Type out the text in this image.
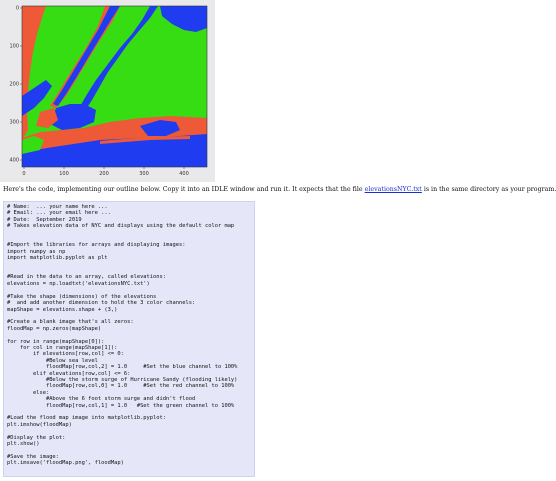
0
100
200
300
400
0	100	200	300	400
Here's the code, implementing our outline below. Copy it into an IDLE window and run it. It expects that the file elevationsNYC.txt is in the same directory as your program.
# Name:  ... your name here ...
# Email: ... your email here ...
# Date:  September 2019
# Takes elevation data of NYC and displays using the default color map

#Import the libraries for arrays and displaying images:
import numpy as np
import matplotlib.pyplot as plt

#Read in the data to an array, called elevations:
elevations = np.loadtxt('elevationsNYC.txt')

#Take the shape (dimensions) of the elevations
#  and add another dimension to hold the 3 color channels:
mapShape = elevations.shape + (3,)

#Create a blank image that's all zeros:
floodMap = np.zeros(mapShape)

for row in range(mapShape[0]):
for col in range(mapShape[1]):
if elevations[row,col] <= 0:
#Below sea level
floodMap[row,col,2] = 1.0     #Set the blue channel to 100%
elif elevations[row,col] <= 6:
#Below the storm surge of Hurricane Sandy (flooding likely)
floodMap[row,col,0] = 1.0     #Set the red channel to 100%
else:
#Above the 6 foot storm surge and didn't flood
floodMap[row,col,1] = 1.0   #Set the green channel to 100%

#Load the flood map image into matplotlib.pyplot:
plt.imshow(floodMap)

#Display the plot:
plt.show()

#Save the image:
plt.imsave('floodMap.png', floodMap)
